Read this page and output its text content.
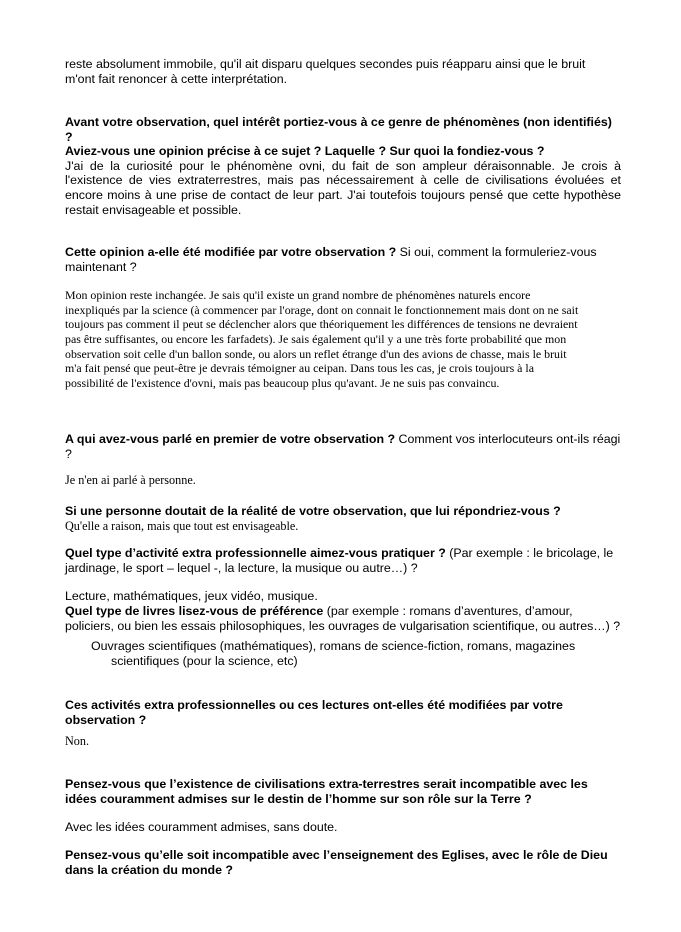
reste absolument immobile, qu'il ait disparu quelques secondes puis réapparu ainsi que le bruit

m'ont fait renoncer à cette interprétation.

Avant votre observation, quel intérêt portiez-vous à ce genre de phénomènes (non identifiés) ?

Aviez-vous une opinion précise à ce sujet ? Laquelle ? Sur quoi la fondiez-vous ?

J'ai de la curiosité pour le phénomène ovni, du fait de son ampleur déraisonnable. Je crois à l'existence de vies extraterrestres, mais pas nécessairement à celle de civilisations évoluées et encore moins à une prise de contact de leur part. J'ai toutefois toujours pensé que cette hypothèse restait envisageable et possible.

Cette opinion a-elle été modifiée par votre observation ? Si oui, comment la formuleriez-vous maintenant ?

Mon opinion reste inchangée. Je sais qu'il existe un grand nombre de phénomènes naturels encore

inexpliqués par la science (à commencer par l'orage, dont on connait le fonctionnement mais dont on ne sait

toujours pas comment il peut se déclencher alors que théoriquement les différences de tensions ne devraient

pas être suffisantes, ou encore les farfadets). Je sais également qu'il y a une très forte probabilité que mon

observation soit celle d'un ballon sonde, ou alors un reflet étrange d'un des avions de chasse, mais le bruit

m'a fait pensé que peut-être je devrais témoigner au ceipan. Dans tous les cas, je crois toujours à la

possibilité de l'existence d'ovni, mais pas beaucoup plus qu'avant. Je ne suis pas convaincu.

A qui avez-vous parlé en premier de votre observation ? Comment vos interlocuteurs ont-ils réagi ?

Je n'en ai parlé à personne.

Si une personne doutait de la réalité de votre observation, que lui répondriez-vous ?

Qu'elle a raison, mais que tout est envisageable.

Quel type d’activité extra professionnelle aimez-vous pratiquer ? (Par exemple : le bricolage, le jardinage, le sport – lequel -, la lecture, la musique ou autre…) ?

Lecture, mathématiques, jeux vidéo, musique.

Quel type de livres lisez-vous de préférence (par exemple : romans d’aventures, d’amour, policiers, ou bien les essais philosophiques, les ouvrages de vulgarisation scientifique, ou autres…) ?

Ouvrages scientifiques (mathématiques), romans de science-fiction, romans, magazines

scientifiques (pour la science, etc)

Ces activités extra professionnelles ou ces lectures ont-elles été modifiées par votre observation ?

Non.

Pensez-vous que l’existence de civilisations extra-terrestres serait incompatible avec les idées couramment admises sur le destin de l’homme sur son rôle sur la Terre ?

Avec les idées couramment admises, sans doute.

Pensez-vous qu’elle soit incompatible avec l’enseignement des Eglises, avec le rôle de Dieu dans la création du monde ?
